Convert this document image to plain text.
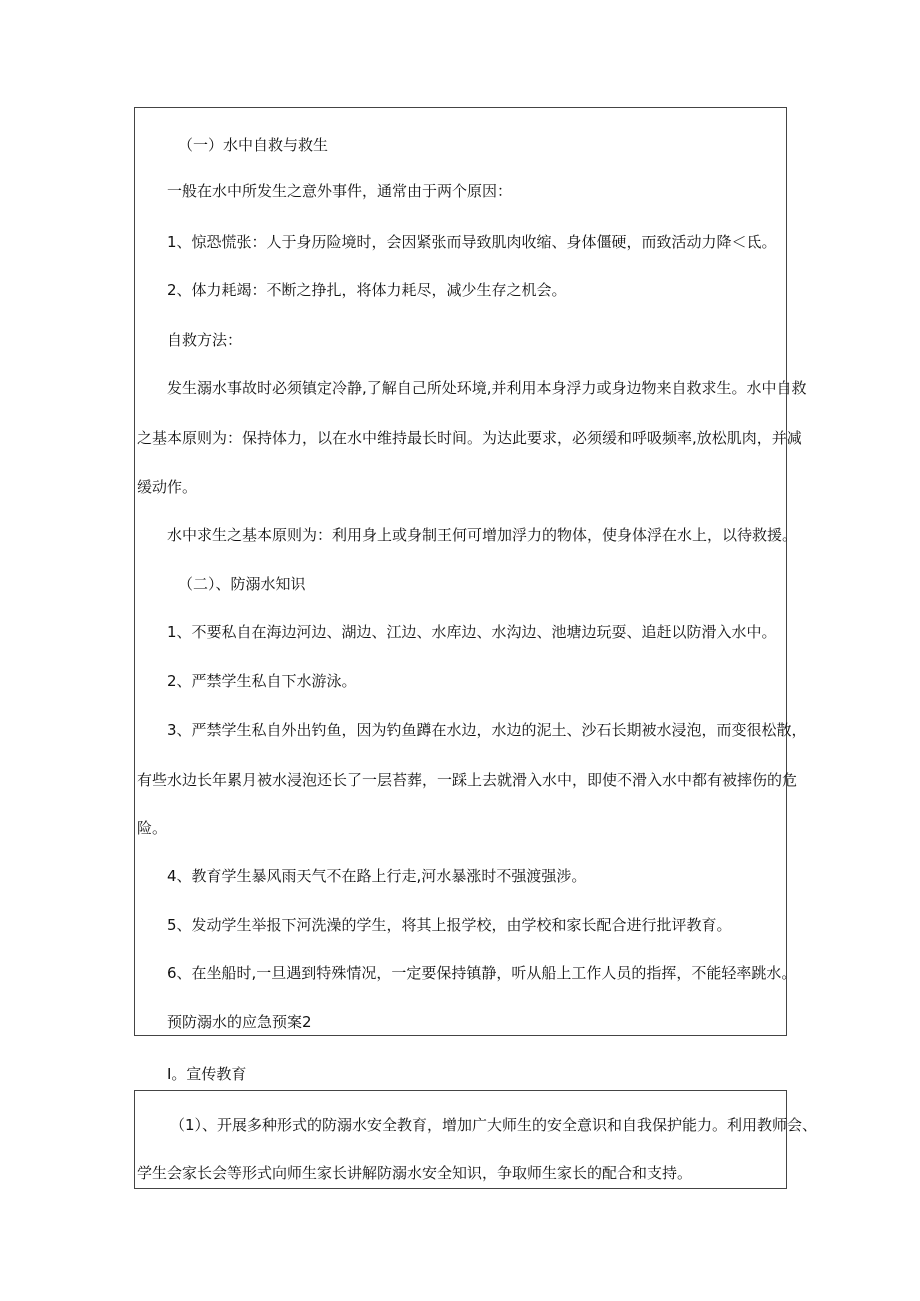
（一）水中自救与救生
一般在水中所发生之意外事件，通常由于两个原因：
1、惊恐慌张：人于身历险境时，会因紧张而导致肌肉收缩、身体僵硬，而致活动力降＜氐。
2、体力耗竭：不断之挣扎，将体力耗尽，减少生存之机会。
自救方法：
发生溺水事故时必须镇定冷静,了解自己所处环境,并利用本身浮力或身边物来自救求生。水中自救
之基本原则为：保持体力，以在水中维持最长时间。为达此要求，必须缓和呼吸频率,放松肌肉，并减
缓动作。
水中求生之基本原则为：利用身上或身制王何可增加浮力的物体，使身体浮在水上，以待救援。
（二）、防溺水知识
1、不要私自在海边河边、湖边、江边、水库边、水沟边、池塘边玩耍、追赶以防滑入水中。
2、严禁学生私自下水游泳。
3、严禁学生私自外出钓鱼，因为钓鱼蹲在水边，水边的泥土、沙石长期被水浸泡，而变很松散，
有些水边长年累月被水浸泡还长了一层苔葬，一踩上去就滑入水中，即使不滑入水中都有被摔伤的危
险。
4、教育学生暴风雨天气不在路上行走,河水暴涨时不强渡强涉。
5、发动学生举报下河洗澡的学生，将其上报学校，由学校和家长配合进行批评教育。
6、在坐船时,一旦遇到特殊情况，一定要保持镇静，听从船上工作人员的指挥，不能轻率跳水。
预防溺水的应急预案2
I。宣传教育
（1）、开展多种形式的防溺水安全教育，增加广大师生的安全意识和自我保护能力。利用教师会、
学生会家长会等形式向师生家长讲解防溺水安全知识，争取师生家长的配合和支持。
